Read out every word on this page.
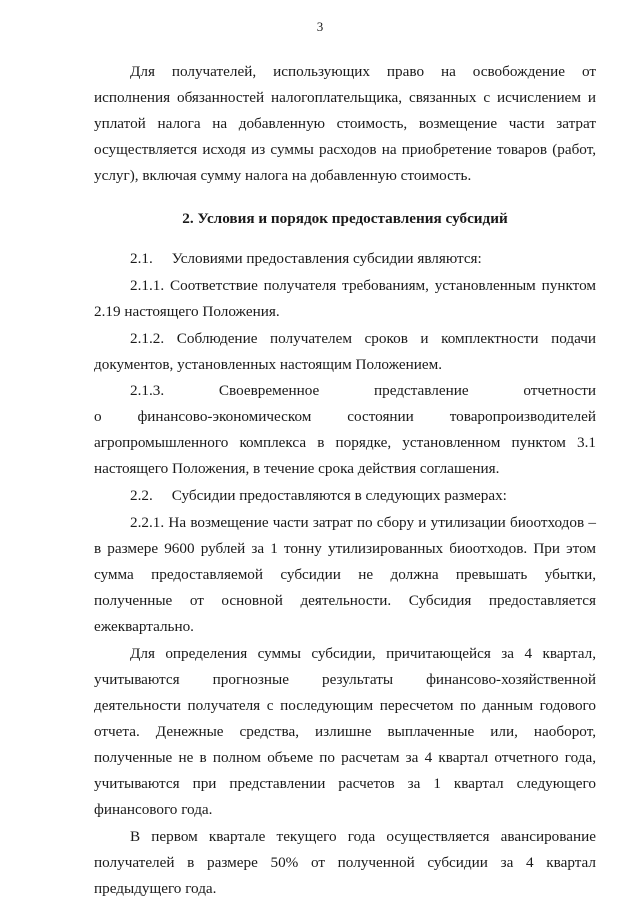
3

Для получателей, использующих право на освобождение от исполнения обязанностей налогоплательщика, связанных с исчислением и уплатой налога на добавленную стоимость, возмещение части затрат осуществляется исходя из суммы расходов на приобретение товаров (работ, услуг), включая сумму налога на добавленную стоимость.

2. Условия и порядок предоставления субсидий

2.1. Условиями предоставления субсидии являются:

2.1.1. Соответствие получателя требованиям, установленным пунктом 2.19 настоящего Положения.

2.1.2. Соблюдение получателем сроков и комплектности подачи документов, установленных настоящим Положением.

2.1.3.	Своевременное	представление	отчетности
о финансово-экономическом состоянии товаропроизводителей

агропромышленного комплекса в порядке, установленном пунктом 3.1 настоящего Положения, в течение срока действия соглашения.

2.2. Субсидии предоставляются в следующих размерах:

2.2.1. На возмещение части затрат по сбору и утилизации биоотходов – в размере 9600 рублей за 1 тонну утилизированных биоотходов. При этом сумма предоставляемой субсидии не должна превышать убытки, полученные от основной деятельности. Субсидия предоставляется ежеквартально.

Для определения суммы субсидии, причитающейся за 4 квартал, учитываются прогнозные результаты финансово-хозяйственной деятельности получателя с последующим пересчетом по данным годового отчета. Денежные средства, излишне выплаченные или, наоборот, полученные не в полном объеме по расчетам за 4 квартал отчетного года, учитываются при представлении расчетов за 1 квартал следующего финансового года.

В первом квартале текущего года осуществляется авансирование получателей в размере 50% от полученной субсидии за 4 квартал предыдущего года.
